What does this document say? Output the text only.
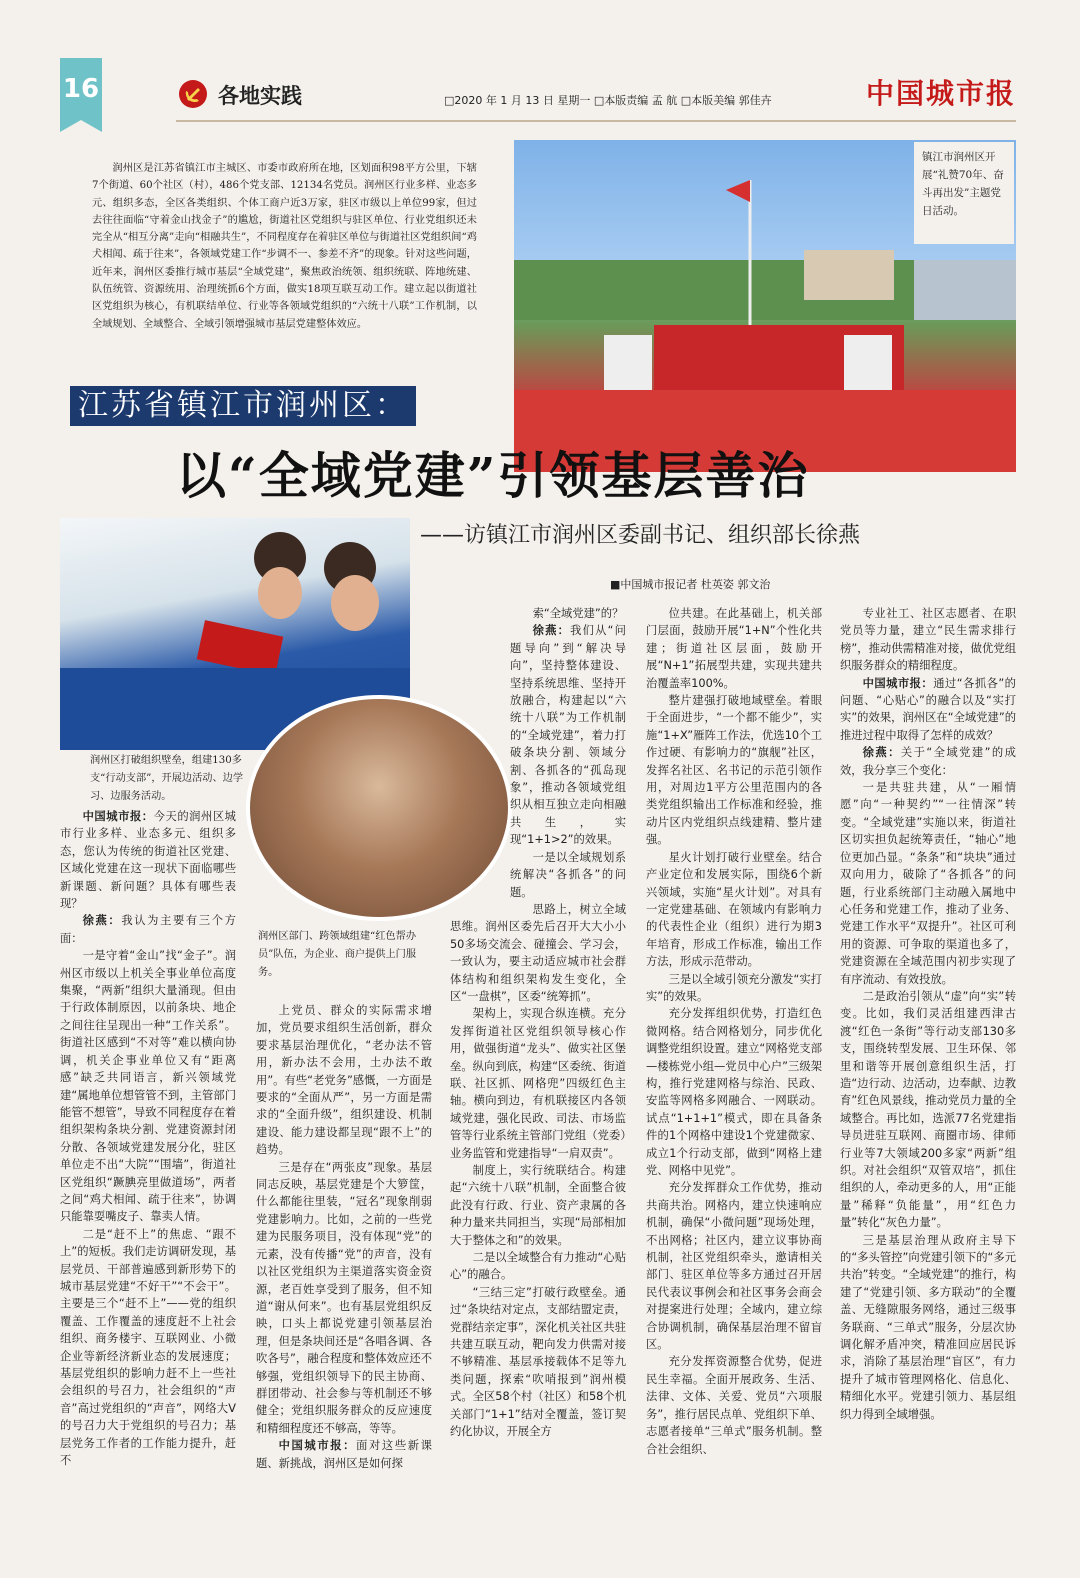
16	各地实践	□2020 年 1 月 13 日 星期一 □本版责编 孟 航 □本版美编 郭佳卉	中国城市报
润州区是江苏省镇江市主城区、市委市政府所在地，区划面积98平方公里，下辖7个街道、60个社区（村），486个党支部、12134名党员。润州区行业多样、业态多元、组织多态，全区各类组织、个体工商户近3万家，驻区市级以上单位99家，但过去往往面临“守着金山找金子”的尴尬，街道社区党组织与驻区单位、行业党组织还未完全从“相互分离”走向“相融共生”，不同程度存在着驻区单位与街道社区党组织间“鸡犬相闻、疏于往来”，各领域党建工作“步调不一、参差不齐”的现象。针对这些问题，近年来，润州区委推行城市基层“全域党建”，聚焦政治统领、组织统联、阵地统建、队伍统管、资源统用、治理统抓6个方面，做实18项互联互动工作。建立起以街道社区党组织为核心，有机联结单位、行业等各领域党组织的“六统十八联”工作机制，以全域规划、全域整合、全域引领增强城市基层党建整体效应。
镇江市润州区开展“礼赞70年、奋斗再出发”主题党日活动。
江苏省镇江市润州区：
以“全域党建”引领基层善治
——访镇江市润州区委副书记、组织部长徐燕
■中国城市报记者 杜英姿 郭文治
润州区打破组织壁垒，组建130多支“行动支部”，开展边活动、边学习、边服务活动。
润州区部门、跨领域组建“红色帮办员”队伍，为企业、商户提供上门服务。

中国城市报：今天的润州区城市行业多样、业态多元、组织多态，您认为传统的街道社区党建、区域化党建在这一现状下面临哪些新课题、新问题？具体有哪些表现？

徐燕：我认为主要有三个方面：

一是守着“金山”找“金子”。润州区市级以上机关全事业单位高度集聚，“两新”组织大量涌现。但由于行政体制原因，以前条块、地企之间往往呈现出一种“工作关系”。街道社区感到“不对等”难以横向协调，机关企事业单位又有“距离感”缺乏共同语言，新兴领域党建“属地单位想管管不到，主管部门能管不想管”，导致不同程度存在着组织架构条块分割、党建资源封闭分散、各领域党建发展分化，驻区单位走不出“大院”“围墙”，街道社区党组织“蹶腆亮里做道场”，两者之间“鸡犬相闻、疏于往来”，协调只能靠耍嘴皮子、靠卖人情。

二是“赶不上”的焦虑、“跟不上”的短板。我们走访调研发现，基层党员、干部普遍感到新形势下的城市基层党建“不好干”“不会干”。主要是三个“赶不上”——党的组织覆盖、工作覆盖的速度赶不上社会组织、商务楼宇、互联网业、小微企业等新经济新业态的发展速度；基层党组织的影响力赶不上一些社会组织的号召力，社会组织的“声音”高过党组织的“声音”，网络大V的号召力大于党组织的号召力；基层党务工作者的工作能力提升，赶不

上党员、群众的实际需求增加，党员要求组织生活创新，群众要求基层治理优化，“老办法不管用，新办法不会用，土办法不敢用”。有些“老党务”感慨，一方面是要求的“全面从严”，另一方面是需求的“全面升级”，组织建设、机制建设、能力建设都呈现“跟不上”的趋势。

三是存在“两张皮”现象。基层同志反映，基层党建是个大箩筐，什么都能往里装，“冠名”现象削弱党建影响力。比如，之前的一些党建为民服务项目，没有体现“党”的元素，没有传播“党”的声音，没有以社区党组织为主渠道落实资金资源，老百姓享受到了服务，但不知道“谢从何来”。也有基层党组织反映，口头上都说党建引领基层治理，但是条块间还是“各唱各调、各吹各号”，融合程度和整体效应还不够强，党组织领导下的民主协商、群团带动、社会参与等机制还不够健全；党组织服务群众的反应速度和精细程度还不够高，等等。

中国城市报：面对这些新课题、新挑战，润州区是如何探

索“全域党建”的？

徐燕：我们从“问题导向”到“解决导向”，坚持整体建设、坚持系统思维、坚持开放融合，构建起以“六统十八联”为工作机制的“全域党建”，着力打破条块分割、领域分割、各抓各的“孤岛现象”，推动各领域党组织从相互独立走向相融共生，实现“1+1>2”的效果。

一是以全域规划系统解决“各抓各”的问题。

思路上，树立全域思维。润州区委先后召开大大小小50多场交流会、碰撞会、学习会，一致认为，要主动适应城市社会群体结构和组织架构发生变化，全区“一盘棋”，区委“统筹抓”。

架构上，实现合纵连横。充分发挥街道社区党组织领导核心作用，做强街道“龙头”、做实社区堡垒。纵向到底，构建“区委统、街道联、社区抓、网格兜”四级红色主轴。横向到边，有机联接区内各领域党建，强化民政、司法、市场监管等行业系统主管部门党组（党委）业务监管和党建指导“一肩双责”。

制度上，实行统联结合。构建起“六统十八联”机制，全面整合彼此没有行政、行业、资产隶属的各种力量来共同担当，实现“局部相加大于整体之和”的效果。

二是以全域整合有力推动“心贴心”的融合。

“三结三定”打破行政壁垒。通过“条块结对定点，支部结盟定责，党群结亲定事”，深化机关社区共驻共建互联互动，靶向发力供需对接不够精准、基层承接载体不足等九类问题，探索“吹哨报到”润州模式。全区58个村（社区）和58个机关部门“1+1”结对全覆盖，签订契约化协议，开展全方

位共建。在此基础上，机关部门层面，鼓励开展“1+N”个性化共建；街道社区层面，鼓励开展“N+1”拓展型共建，实现共建共治覆盖率100%。

整片建强打破地域壁垒。着眼于全面进步，“一个都不能少”，实施“1+X”雁阵工作法，优选10个工作过硬、有影响力的“旗舰”社区，发挥名社区、名书记的示范引领作用，对周边1平方公里范围内的各类党组织输出工作标准和经验，推动片区内党组织点线建精、整片建强。

星火计划打破行业壁垒。结合产业定位和发展实际，围绕6个新兴领域，实施“星火计划”。对具有一定党建基础、在领域内有影响力的代表性企业（组织）进行为期3年培育，形成工作标准，输出工作方法，形成示范带动。

三是以全域引领充分激发“实打实”的效果。

充分发挥组织优势，打造红色微网格。结合网格划分，同步优化调整党组织设置。建立“网格党支部—楼栋党小组—党员中心户”三级架构，推行党建网格与综治、民政、安监等网格多网融合、一网联动。试点“1+1+1”模式，即在具备条件的1个网格中建设1个党建微家、成立1个行动支部，做到“网格上建党、网格中见党”。

充分发挥群众工作优势，推动共商共治。网格内，建立快速响应机制，确保“小微问题”现场处理，不出网格；社区内，建立议事协商机制，社区党组织牵头，邀请相关部门、驻区单位等多方通过召开居民代表议事例会和社区事务会商会对提案进行处理；全域内，建立综合协调机制，确保基层治理不留盲区。

充分发挥资源整合优势，促进民生幸福。全面开展政务、生活、法律、文体、关爱、党员“六项服务”，推行居民点单、党组织下单、志愿者接单“三单式”服务机制。整合社会组织、

专业社工、社区志愿者、在职党员等力量，建立“民生需求排行榜”，推动供需精准对接，做优党组织服务群众的精细程度。

中国城市报：通过“各抓各”的问题、“心贴心”的融合以及“实打实”的效果，润州区在“全域党建”的推进过程中取得了怎样的成效？

徐燕：关于“全域党建”的成效，我分享三个变化：

一是共驻共建，从“一厢情愿”向“一种契约”“一往情深”转变。“全域党建”实施以来，街道社区切实担负起统筹责任，“轴心”地位更加凸显。“条条”和“块块”通过双向用力，破除了“各抓各”的问题，行业系统部门主动融入属地中心任务和党建工作，推动了业务、党建工作水平“双提升”。社区可利用的资源、可争取的渠道也多了，党建资源在全域范围内初步实现了有序流动、有效投放。

二是政治引领从“虚”向“实”转变。比如，我们灵活组建西津古渡“红色一条街”等行动支部130多支，围绕转型发展、卫生环保、邻里和谐等开展创意组织生活，打造“边行动、边活动，边奉献、边教育”红色风景线，推动党员力量的全域整合。再比如，选派77名党建指导员进驻互联网、商圈市场、律师行业等7大领域200多家“两新”组织。对社会组织“双管双培”，抓住组织的人，牵动更多的人，用“正能量”稀释“负能量”，用“红色力量”转化“灰色力量”。

三是基层治理从政府主导下的“多头管控”向党建引领下的“多元共治”转变。“全域党建”的推行，构建了“党建引领、多方联动”的全覆盖、无缝隙服务网络，通过三级事务联商、“三单式”服务，分层次协调化解矛盾冲突，精准回应居民诉求，消除了基层治理“盲区”，有力提升了城市管理网格化、信息化、精细化水平。党建引领力、基层组织力得到全域增强。
